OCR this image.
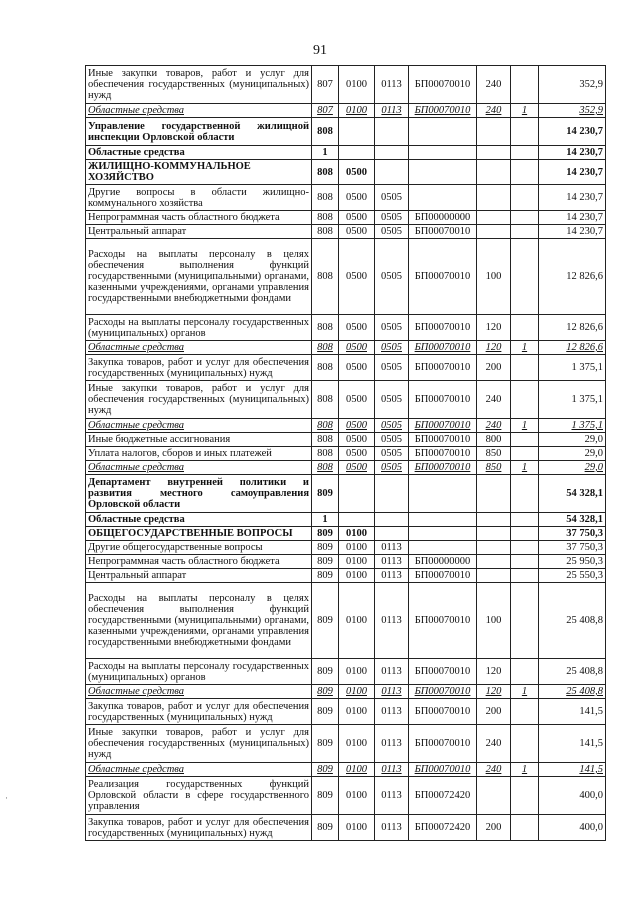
91
Иные закупки товаров, работ и услуг для обеспечения государственных (муниципальных) нужд	807	0100	0113	БП00070010	240		352,9
Областные средства	807	0100	0113	БП00070010	240	1	352,9
Управление государственной жилищной инспекции Орловской области	808						14 230,7
Областные средства	1						14 230,7
ЖИЛИЩНО-КОММУНАЛЬНОЕ ХОЗЯЙСТВО	808	0500					14 230,7
Другие вопросы в области жилищно-коммунального хозяйства	808	0500	0505				14 230,7
Непрограммная часть областного бюджета	808	0500	0505	БП00000000			14 230,7
Центральный аппарат	808	0500	0505	БП00070010			14 230,7
Расходы на выплаты персоналу в целях обеспечения выполнения функций государственными (муниципальными) органами, казенными учреждениями, органами управления государственными внебюджетными фондами	808	0500	0505	БП00070010	100		12 826,6
Расходы на выплаты персоналу государственных (муниципальных) органов	808	0500	0505	БП00070010	120		12 826,6
Областные средства	808	0500	0505	БП00070010	120	1	12 826,6
Закупка товаров, работ и услуг для обеспечения государственных (муниципальных) нужд	808	0500	0505	БП00070010	200		1 375,1
Иные закупки товаров, работ и услуг для обеспечения государственных (муниципальных) нужд	808	0500	0505	БП00070010	240		1 375,1
Областные средства	808	0500	0505	БП00070010	240	1	1 375,1
Иные бюджетные ассигнования	808	0500	0505	БП00070010	800		29,0
Уплата налогов, сборов и иных платежей	808	0500	0505	БП00070010	850		29,0
Областные средства	808	0500	0505	БП00070010	850	1	29,0
Департамент внутренней политики и развития местного самоуправления Орловской области	809						54 328,1
Областные средства	1						54 328,1
ОБЩЕГОСУДАРСТВЕННЫЕ ВОПРОСЫ	809	0100					37 750,3
Другие общегосударственные вопросы	809	0100	0113				37 750,3
Непрограммная часть областного бюджета	809	0100	0113	БП00000000			25 950,3
Центральный аппарат	809	0100	0113	БП00070010			25 550,3
Расходы на выплаты персоналу в целях обеспечения выполнения функций государственными (муниципальными) органами, казенными учреждениями, органами управления государственными внебюджетными фондами	809	0100	0113	БП00070010	100		25 408,8
Расходы на выплаты персоналу государственных (муниципальных) органов	809	0100	0113	БП00070010	120		25 408,8
Областные средства	809	0100	0113	БП00070010	120	1	25 408,8
Закупка товаров, работ и услуг для обеспечения государственных (муниципальных) нужд	809	0100	0113	БП00070010	200		141,5
Иные закупки товаров, работ и услуг для обеспечения государственных (муниципальных) нужд	809	0100	0113	БП00070010	240		141,5
Областные средства	809	0100	0113	БП00070010	240	1	141,5
Реализация государственных функций Орловской области в сфере государственного управления	809	0100	0113	БП00072420			400,0
Закупка товаров, работ и услуг для обеспечения государственных (муниципальных) нужд	809	0100	0113	БП00072420	200		400,0
·
